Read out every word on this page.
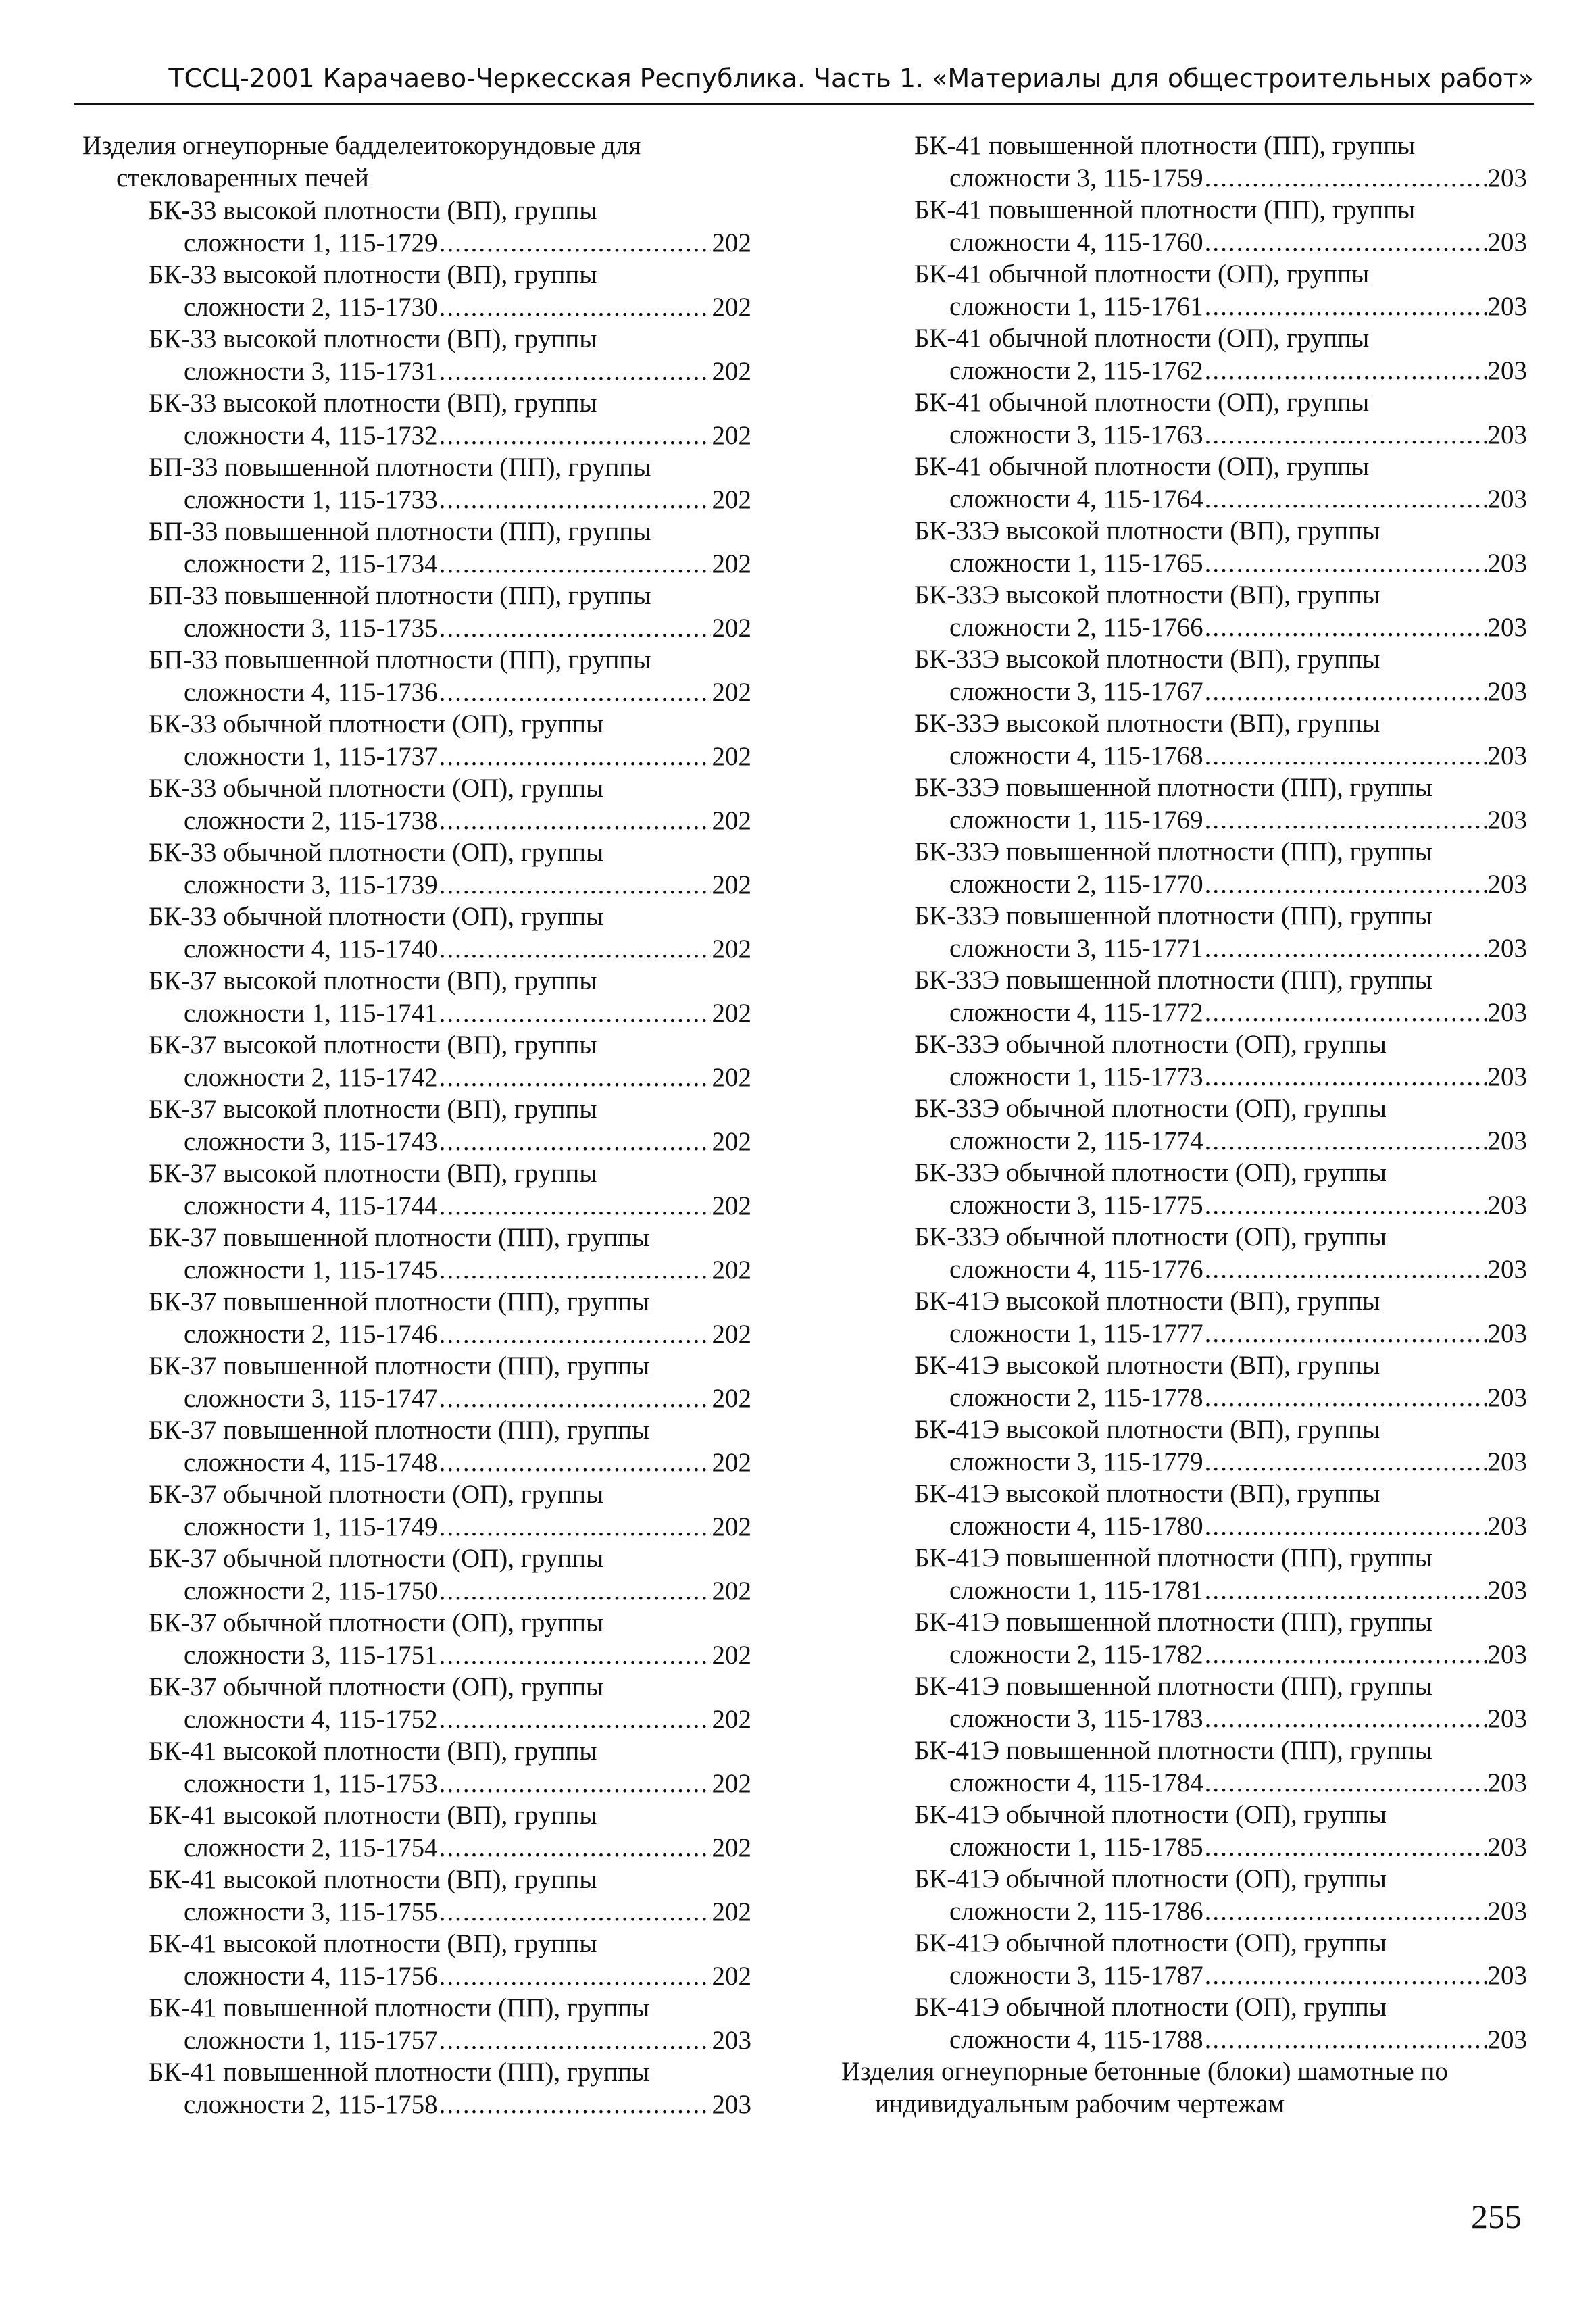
ТССЦ-2001 Карачаево-Черкесская Республика. Часть 1. «Материалы для общестроительных работ»
Изделия огнеупорные бадделеитокорундовые для
стекловаренных печей
БК-33 высокой плотности (ВП), группы
сложности 1, 115-1729 .....	202
БК-33 высокой плотности (ВП), группы
сложности 2, 115-1730 .....	202
БК-33 высокой плотности (ВП), группы
сложности 3, 115-1731 .....	202
БК-33 высокой плотности (ВП), группы
сложности 4, 115-1732 .....	202
БП-33 повышенной плотности (ПП), группы
сложности 1, 115-1733 .....	202
БП-33 повышенной плотности (ПП), группы
сложности 2, 115-1734 .....	202
БП-33 повышенной плотности (ПП), группы
сложности 3, 115-1735 .....	202
БП-33 повышенной плотности (ПП), группы
сложности 4, 115-1736 .....	202
БК-33 обычной плотности (ОП), группы
сложности 1, 115-1737 .....	202
БК-33 обычной плотности (ОП), группы
сложности 2, 115-1738 .....	202
БК-33 обычной плотности (ОП), группы
сложности 3, 115-1739 .....	202
БК-33 обычной плотности (ОП), группы
сложности 4, 115-1740 .....	202
БК-37 высокой плотности (ВП), группы
сложности 1, 115-1741 .....	202
БК-37 высокой плотности (ВП), группы
сложности 2, 115-1742 .....	202
БК-37 высокой плотности (ВП), группы
сложности 3, 115-1743 .....	202
БК-37 высокой плотности (ВП), группы
сложности 4, 115-1744 .....	202
БК-37 повышенной плотности (ПП), группы
сложности 1, 115-1745 .....	202
БК-37 повышенной плотности (ПП), группы
сложности 2, 115-1746 .....	202
БК-37 повышенной плотности (ПП), группы
сложности 3, 115-1747 .....	202
БК-37 повышенной плотности (ПП), группы
сложности 4, 115-1748 .....	202
БК-37 обычной плотности (ОП), группы
сложности 1, 115-1749 .....	202
БК-37 обычной плотности (ОП), группы
сложности 2, 115-1750 .....	202
БК-37 обычной плотности (ОП), группы
сложности 3, 115-1751 .....	202
БК-37 обычной плотности (ОП), группы
сложности 4, 115-1752 .....	202
БК-41 высокой плотности (ВП), группы
сложности 1, 115-1753 .....	202
БК-41 высокой плотности (ВП), группы
сложности 2, 115-1754 .....	202
БК-41 высокой плотности (ВП), группы
сложности 3, 115-1755 .....	202
БК-41 высокой плотности (ВП), группы
сложности 4, 115-1756 .....	202
БК-41 повышенной плотности (ПП), группы
сложности 1, 115-1757 .....	203
БК-41 повышенной плотности (ПП), группы
сложности 2, 115-1758 .....	203
БК-41 повышенной плотности (ПП), группы
сложности 3, 115-1759 .....	203
БК-41 повышенной плотности (ПП), группы
сложности 4, 115-1760 .....	203
БК-41 обычной плотности (ОП), группы
сложности 1, 115-1761 .....	203
БК-41 обычной плотности (ОП), группы
сложности 2, 115-1762 .....	203
БК-41 обычной плотности (ОП), группы
сложности 3, 115-1763 .....	203
БК-41 обычной плотности (ОП), группы
сложности 4, 115-1764 .....	203
БК-33Э высокой плотности (ВП), группы
сложности 1, 115-1765 .....	203
БК-33Э высокой плотности (ВП), группы
сложности 2, 115-1766 .....	203
БК-33Э высокой плотности (ВП), группы
сложности 3, 115-1767 .....	203
БК-33Э высокой плотности (ВП), группы
сложности 4, 115-1768 .....	203
БК-33Э повышенной плотности (ПП), группы
сложности 1, 115-1769 .....	203
БК-33Э повышенной плотности (ПП), группы
сложности 2, 115-1770 .....	203
БК-33Э повышенной плотности (ПП), группы
сложности 3, 115-1771 .....	203
БК-33Э повышенной плотности (ПП), группы
сложности 4, 115-1772 .....	203
БК-33Э обычной плотности (ОП), группы
сложности 1, 115-1773 .....	203
БК-33Э обычной плотности (ОП), группы
сложности 2, 115-1774 .....	203
БК-33Э обычной плотности (ОП), группы
сложности 3, 115-1775 .....	203
БК-33Э обычной плотности (ОП), группы
сложности 4, 115-1776 .....	203
БК-41Э высокой плотности (ВП), группы
сложности 1, 115-1777 .....	203
БК-41Э высокой плотности (ВП), группы
сложности 2, 115-1778 .....	203
БК-41Э высокой плотности (ВП), группы
сложности 3, 115-1779 .....	203
БК-41Э высокой плотности (ВП), группы
сложности 4, 115-1780 .....	203
БК-41Э повышенной плотности (ПП), группы
сложности 1, 115-1781 .....	203
БК-41Э повышенной плотности (ПП), группы
сложности 2, 115-1782 .....	203
БК-41Э повышенной плотности (ПП), группы
сложности 3, 115-1783 .....	203
БК-41Э повышенной плотности (ПП), группы
сложности 4, 115-1784 .....	203
БК-41Э обычной плотности (ОП), группы
сложности 1, 115-1785 .....	203
БК-41Э обычной плотности (ОП), группы
сложности 2, 115-1786 .....	203
БК-41Э обычной плотности (ОП), группы
сложности 3, 115-1787 .....	203
БК-41Э обычной плотности (ОП), группы
сложности 4, 115-1788 .....	203
Изделия огнеупорные бетонные (блоки) шамотные по
индивидуальным рабочим чертежам
255
